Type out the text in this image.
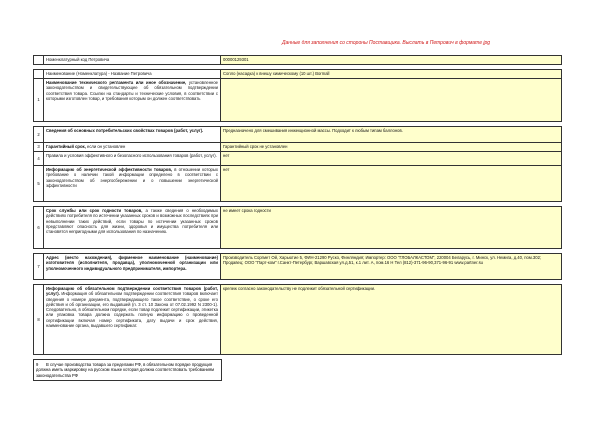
Данные для заполнения со стороны Поставщика. Выслать в Петрович в формате jpg
	Номенклатурный код Петровича	00000129301

	Наименование (Номенклатура) - Название Петровича	Сопло (насадка) к внешу химическому (10 шт.) Bormall
1	Наименование технического регламента или иное обозначение, установленное законодательством и свидетельствующее об обязательном подтверждении соответствия товара. Ссылки на стандарты и технические условия, в соответствии с которыми изготовлен товар, и требования которым он должен соответствовать	

2	Сведения об основных потребительских свойствах товаров (работ, услуг).	Предназначено для смешивания инжекционной массы. Подходит к любым типам баллонов.
3	Гарантийный срок, если он установлен	Гарантийный срок не установлен
4	Правила и условия эффективного и безопасного использования товаров (работ, услуг).	нет
5	Информацию об энергетической эффективности товаров, в отношении которых требование о наличии такой информации определено в соответствии с законодательством об энергосбережении и о повышении энергетической эффективности	нет

6	Срок службы или срок годности товаров, а также сведения о необходимых действиях потребителя по истечении указанных сроков и возможных последствиях при невыполнении таких действий, если товары по истечении указанных сроков представляют опасность для жизни, здоровья и имущества потребителя или становятся непригодными для использования по назначению.	не имеет срока годности

7	Адрес (место нахождения), фирменное наименование (наименование) изготовителя (исполнителя, продавца), уполномоченной организации или уполномоченного индивидуального предпринимателя, импортера.	Производитель Соргмет Ой, Харьютие 5, ФИН-21290 Руско, Финляндия; Импортер: ООО "ГЛОБАЛКАСТОМ", 220004 Беларусь, г. Минск, ул. Немига, д.40, пом.302; Продавец: ООО "Парт-ком" г.Санкт-Петербург, Варшавская ул.д.51, к.1 лит. А, пом.16 Н Тел (812)-371-96-90,371-96-91 www.partner.su

8	Информацию об обязательном подтверждении соответствия товаров (работ, услуг). Информация об обязательном подтверждении соответствия товаров включает сведения о номере документа, подтверждающего такое соответствие, о сроке его действия и об организации, его выдавшей (п. 3 ст. 10 Закона от 07.02.1992 N 2300-1). Следовательно, в обязательном порядке, если товар подлежит сертификации, этикетка или упаковка товара должна содержать полную информацию о проведенной сертификации включая номер сертификата, дату выдачи и срок действия, наименование органа, выдавшего сертификат.	крепеж согласно законодательству не подлежит обязательной сертификации.
9 В случае производства товара за пределами РФ, в обязательном порядке продукция должна иметь маркировку на русском языке которая должна соответствовать требованиям законодательства РФ
